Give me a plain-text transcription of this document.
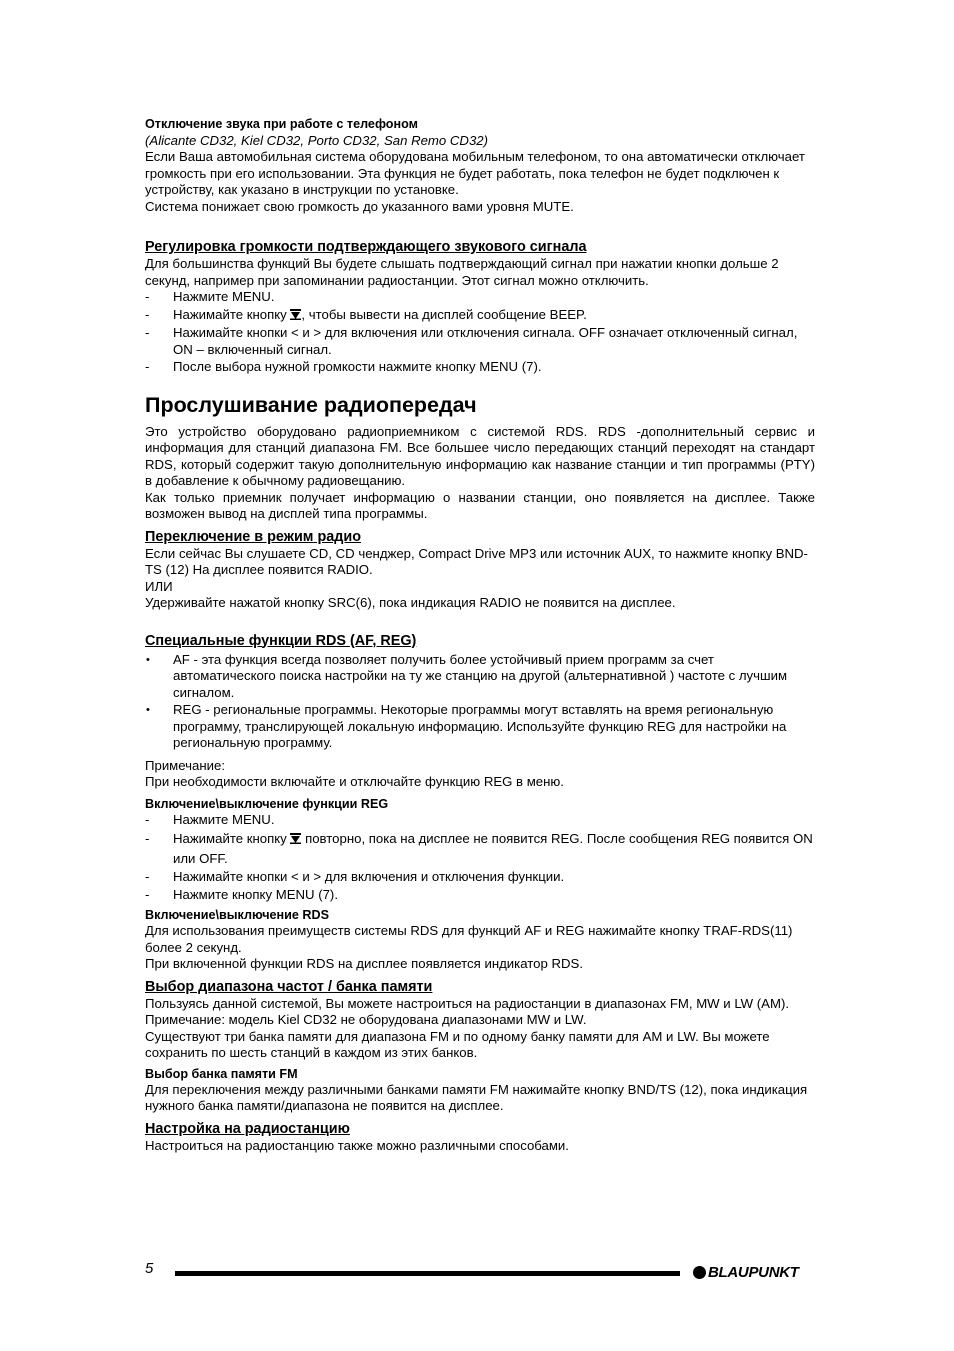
Отключение звука при работе с телефоном

(Alicante CD32, Kiel CD32, Porto CD32, San Remo CD32)

Если Ваша автомобильная система оборудована мобильным телефоном, то она автоматически отключает громкость при его использовании. Эта функция не будет работать, пока телефон не будет подключен к устройству, как указано в инструкции по установке.

Система понижает свою громкость до указанного вами уровня MUTE.

Регулировка громкости подтверждающего звукового сигнала

Для большинства функций Вы будете слышать подтверждающий сигнал при нажатии кнопки дольше 2 секунд, например при запоминании радиостанции. Этот сигнал можно отключить.

- Нажмите MENU.
- Нажимайте кнопку , чтобы вывести на дисплей сообщение BEEP.
- Нажимайте кнопки < и > для включения или отключения сигнала. OFF означает отключенный сигнал, ON – включенный сигнал.
- После выбора нужной громкости нажмите кнопку MENU (7).

Прослушивание радиопередач

Это устройство оборудовано радиоприемником с системой RDS. RDS -дополнительный сервис и информация для станций диапазона FM. Все большее число передающих станций переходят на стандарт RDS, который содержит такую дополнительную информацию как название станции и тип программы (PTY) в добавление к обычному радиовещанию.

Как только приемник получает информацию о названии станции, оно появляется на дисплее. Также возможен вывод на дисплей типа программы.

Переключение в режим радио

Если сейчас Вы слушаете CD, CD ченджер, Compact Drive MP3 или источник AUX, то нажмите кнопку BND-TS (12) На дисплее появится RADIO.

ИЛИ

Удерживайте нажатой кнопку SRC(6), пока индикация RADIO не появится на дисплее.

Специальные функции RDS (AF, REG)

• AF - эта функция всегда позволяет получить более устойчивый прием программ за счет автоматического поиска настройки на ту же станцию на другой (альтернативной ) частоте с лучшим сигналом.
• REG - региональные программы. Некоторые программы могут вставлять на время региональную программу, транслирующей локальную информацию. Используйте функцию REG для настройки на региональную программу.

Примечание:

При необходимости включайте и отключайте функцию REG в меню.

Включение\выключение функции REG

- Нажмите MENU.
- Нажимайте кнопку  повторно, пока на дисплее не появится REG. После сообщения REG появится ON или OFF.
- Нажимайте кнопки < и > для включения и отключения функции.
- Нажмите кнопку MENU (7).

Включение\выключение RDS

Для использования преимуществ системы RDS для функций AF и REG нажимайте кнопку TRAF-RDS(11) более 2 секунд.

При включенной функции RDS на дисплее появляется индикатор RDS.

Выбор диапазона частот / банка памяти

Пользуясь данной системой, Вы можете настроиться на радиостанции в диапазонах FM, MW и LW (AM).

Примечание: модель Kiel CD32 не оборудована диапазонами MW и LW.

Существуют три банка памяти для диапазона FM и по одному банку памяти для AM и LW. Вы можете сохранить по шесть станций в каждом из этих банков.

Выбор банка памяти FM

Для переключения между различными банками памяти FM нажимайте кнопку BND/TS (12), пока индикация нужного банка памяти/диапазона не появится на дисплее.

Настройка на радиостанцию

Настроиться на радиостанцию также можно различными способами.

5	BLAUPUNKT
